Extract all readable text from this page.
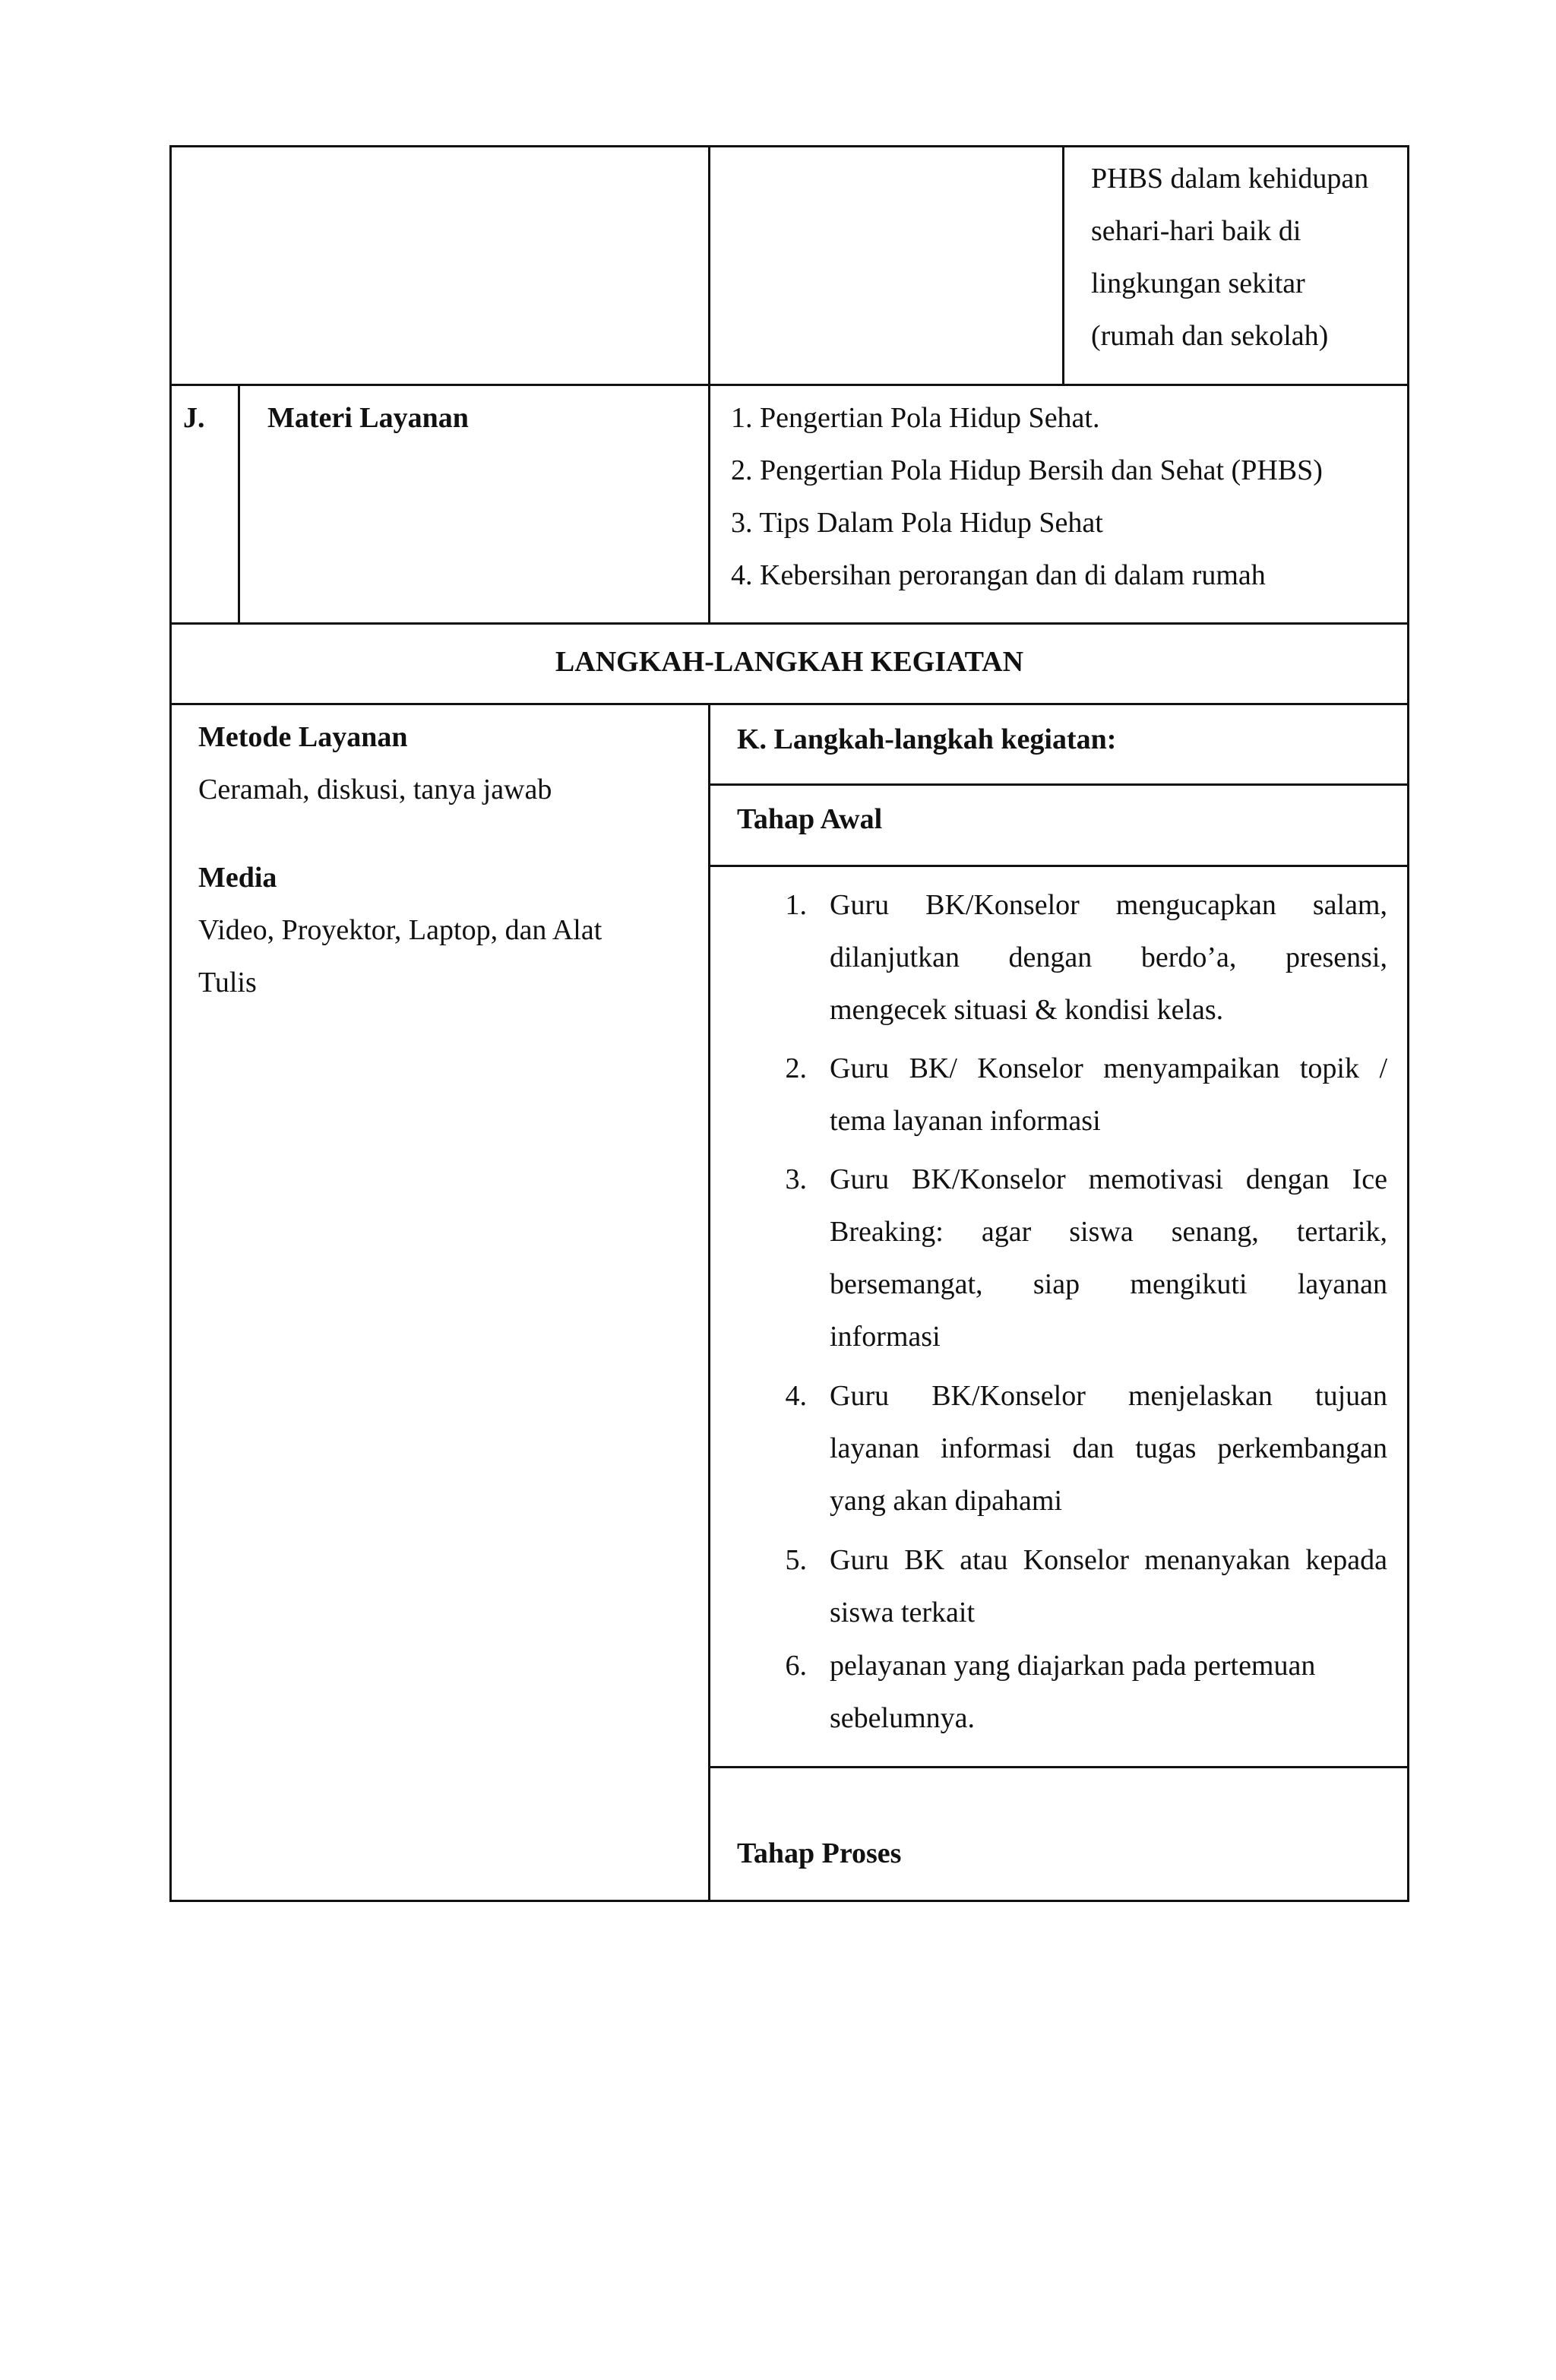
PHBS dalam kehidupan
sehari-hari baik di
lingkungan sekitar
(rumah dan sekolah)
J. Materi Layanan	1. Pengertian Pola Hidup Sehat.
2. Pengertian Pola Hidup Bersih dan Sehat (PHBS)
3. Tips Dalam Pola Hidup Sehat
4. Kebersihan perorangan dan di dalam rumah
LANGKAH-LANGKAH KEGIATAN
Metode Layanan
Ceramah, diskusi, tanya jawab
Media
Video, Proyektor, Laptop, dan Alat
Tulis
K. Langkah-langkah kegiatan:
Tahap Awal
1. Guru BK/Konselor mengucapkan salam,
dilanjutkan dengan berdo’a, presensi,
mengecek situasi & kondisi kelas.
2. Guru BK/ Konselor menyampaikan topik /
tema layanan informasi
3. Guru BK/Konselor memotivasi dengan Ice
Breaking: agar siswa senang, tertarik,
bersemangat, siap mengikuti layanan
informasi
4. Guru BK/Konselor menjelaskan tujuan
layanan informasi dan tugas perkembangan
yang akan dipahami
5. Guru BK atau Konselor menanyakan kepada
siswa terkait
6. pelayanan yang diajarkan pada pertemuan
sebelumnya.
Tahap Proses
